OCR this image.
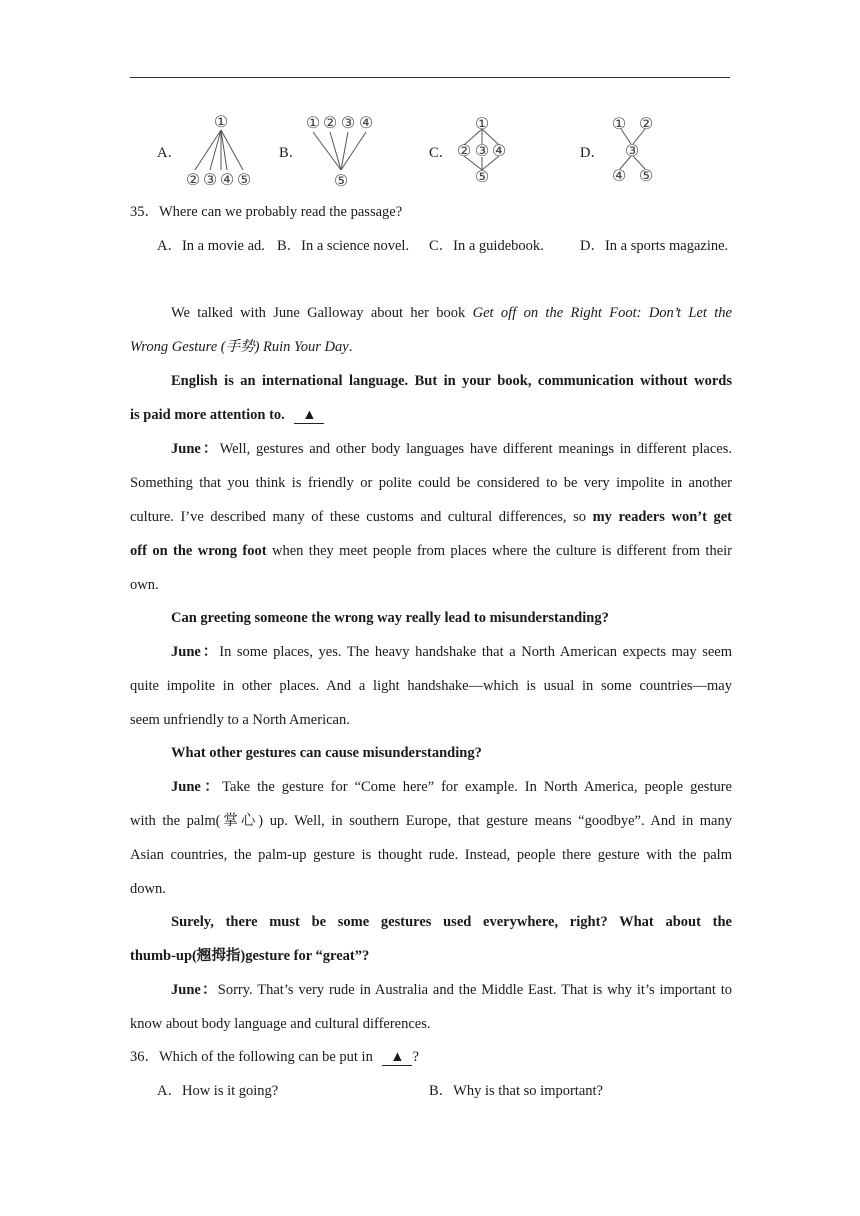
A．
①
② ③ ④ ⑤
B．
① ② ③ ④
⑤
C．
①
② ③ ④
⑤
D．
① ②
③
④ ⑤
35．Where can we probably read the passage?
A．In a movie ad. B．In a science novel. C．In a guidebook. D．In a sports magazine.
We talked with June Galloway about her book Get off on the Right Foot: Don’t Let the
Wrong Gesture (手势) Ruin Your Day.
English is an international language. But in your book, communication without words
is paid more attention to. ▲
June：Well, gestures and other body languages have different meanings in different places.
Something that you think is friendly or polite could be considered to be very impolite in another
culture. I’ve described many of these customs and cultural differences, so my readers won’t get
off on the wrong foot when they meet people from places where the culture is different from their
own.
Can greeting someone the wrong way really lead to misunderstanding?
June：In some places, yes. The heavy handshake that a North American expects may seem
quite impolite in other places. And a light handshake—which is usual in some countries—may
seem unfriendly to a North American.
What other gestures can cause misunderstanding?
June：Take the gesture for “Come here” for example. In North America, people gesture
with the palm(掌心) up. Well, in southern Europe, that gesture means “goodbye”. And in many
Asian countries, the palm-up gesture is thought rude. Instead, people there gesture with the palm
down.
Surely, there must be some gestures used everywhere, right? What about the
thumb-up(翘拇指)gesture for “great”?
June：Sorry. That’s very rude in Australia and the Middle East. That is why it’s important to
know about body language and cultural differences.
36．Which of the following can be put in ▲ ?
A．How is it going?	B．Why is that so important?
